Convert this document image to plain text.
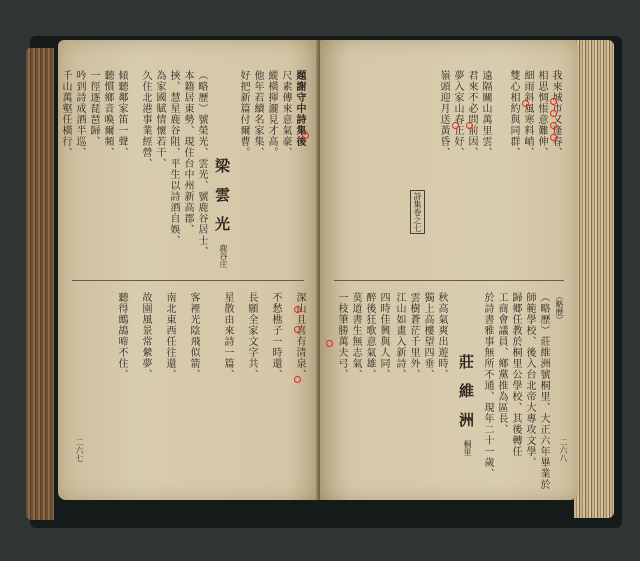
題謝守中詩集後
尺素傳來意氣豪、
縱橫揮灑見才高。
他年若續名家集、
好把新篇付爾曹。
梁雲光
鹿谷庄
（略歷）號榮光、雲光、號鹿谷居士、
本籍居東勢、現住台中州新高郡、
挾、慧星鹿谷阻、平生以詩酒自娛、
為家國賦情懷若干、
久住北港事業經營、
傾聽鄰家笛一聲、
聽慣鄉音喚爾頻、
一徑逐琵琶歸、
吟到詩成酒半巡、
千山萬壑任橫行、
深山且喜有清泉、
不愁樵子一時還、
長願全家文字共、
星散由來詩一篇、
客裡光陰飛似箭、
南北東西任往還、
故園風景常縈夢、
聽得鷓鴣啼不住、
二六七
我來城市又逢春、
相思惆悵意難伸、
細雨斜風寒料峭、
雙心相約與同群、
遠隔關山萬里雲、
君來不必問前因、
夢入家山春正好、
嶺頭迎月送黃昏、
詩集卷之七
（略歷）
（略歷）莊維洲號桐里、大正六年畢業於
師範學校、後入台北帝大專攻文學、
歸郷任教於桐里公學校、其後轉任
工商會議員、鄉黨推為區長、
於詩書雅事無所不通、現年二十一歲、
莊維洲
桐里
秋高氣爽出遊時、
獨上高樓望四垂、
雲樹蒼茫千里外、
江山如畫入新詩、
四時佳興與人同、
醉後狂歌意氣雄、
莫道書生無志氣、
一枝筆勝萬夫弓、
二六八
